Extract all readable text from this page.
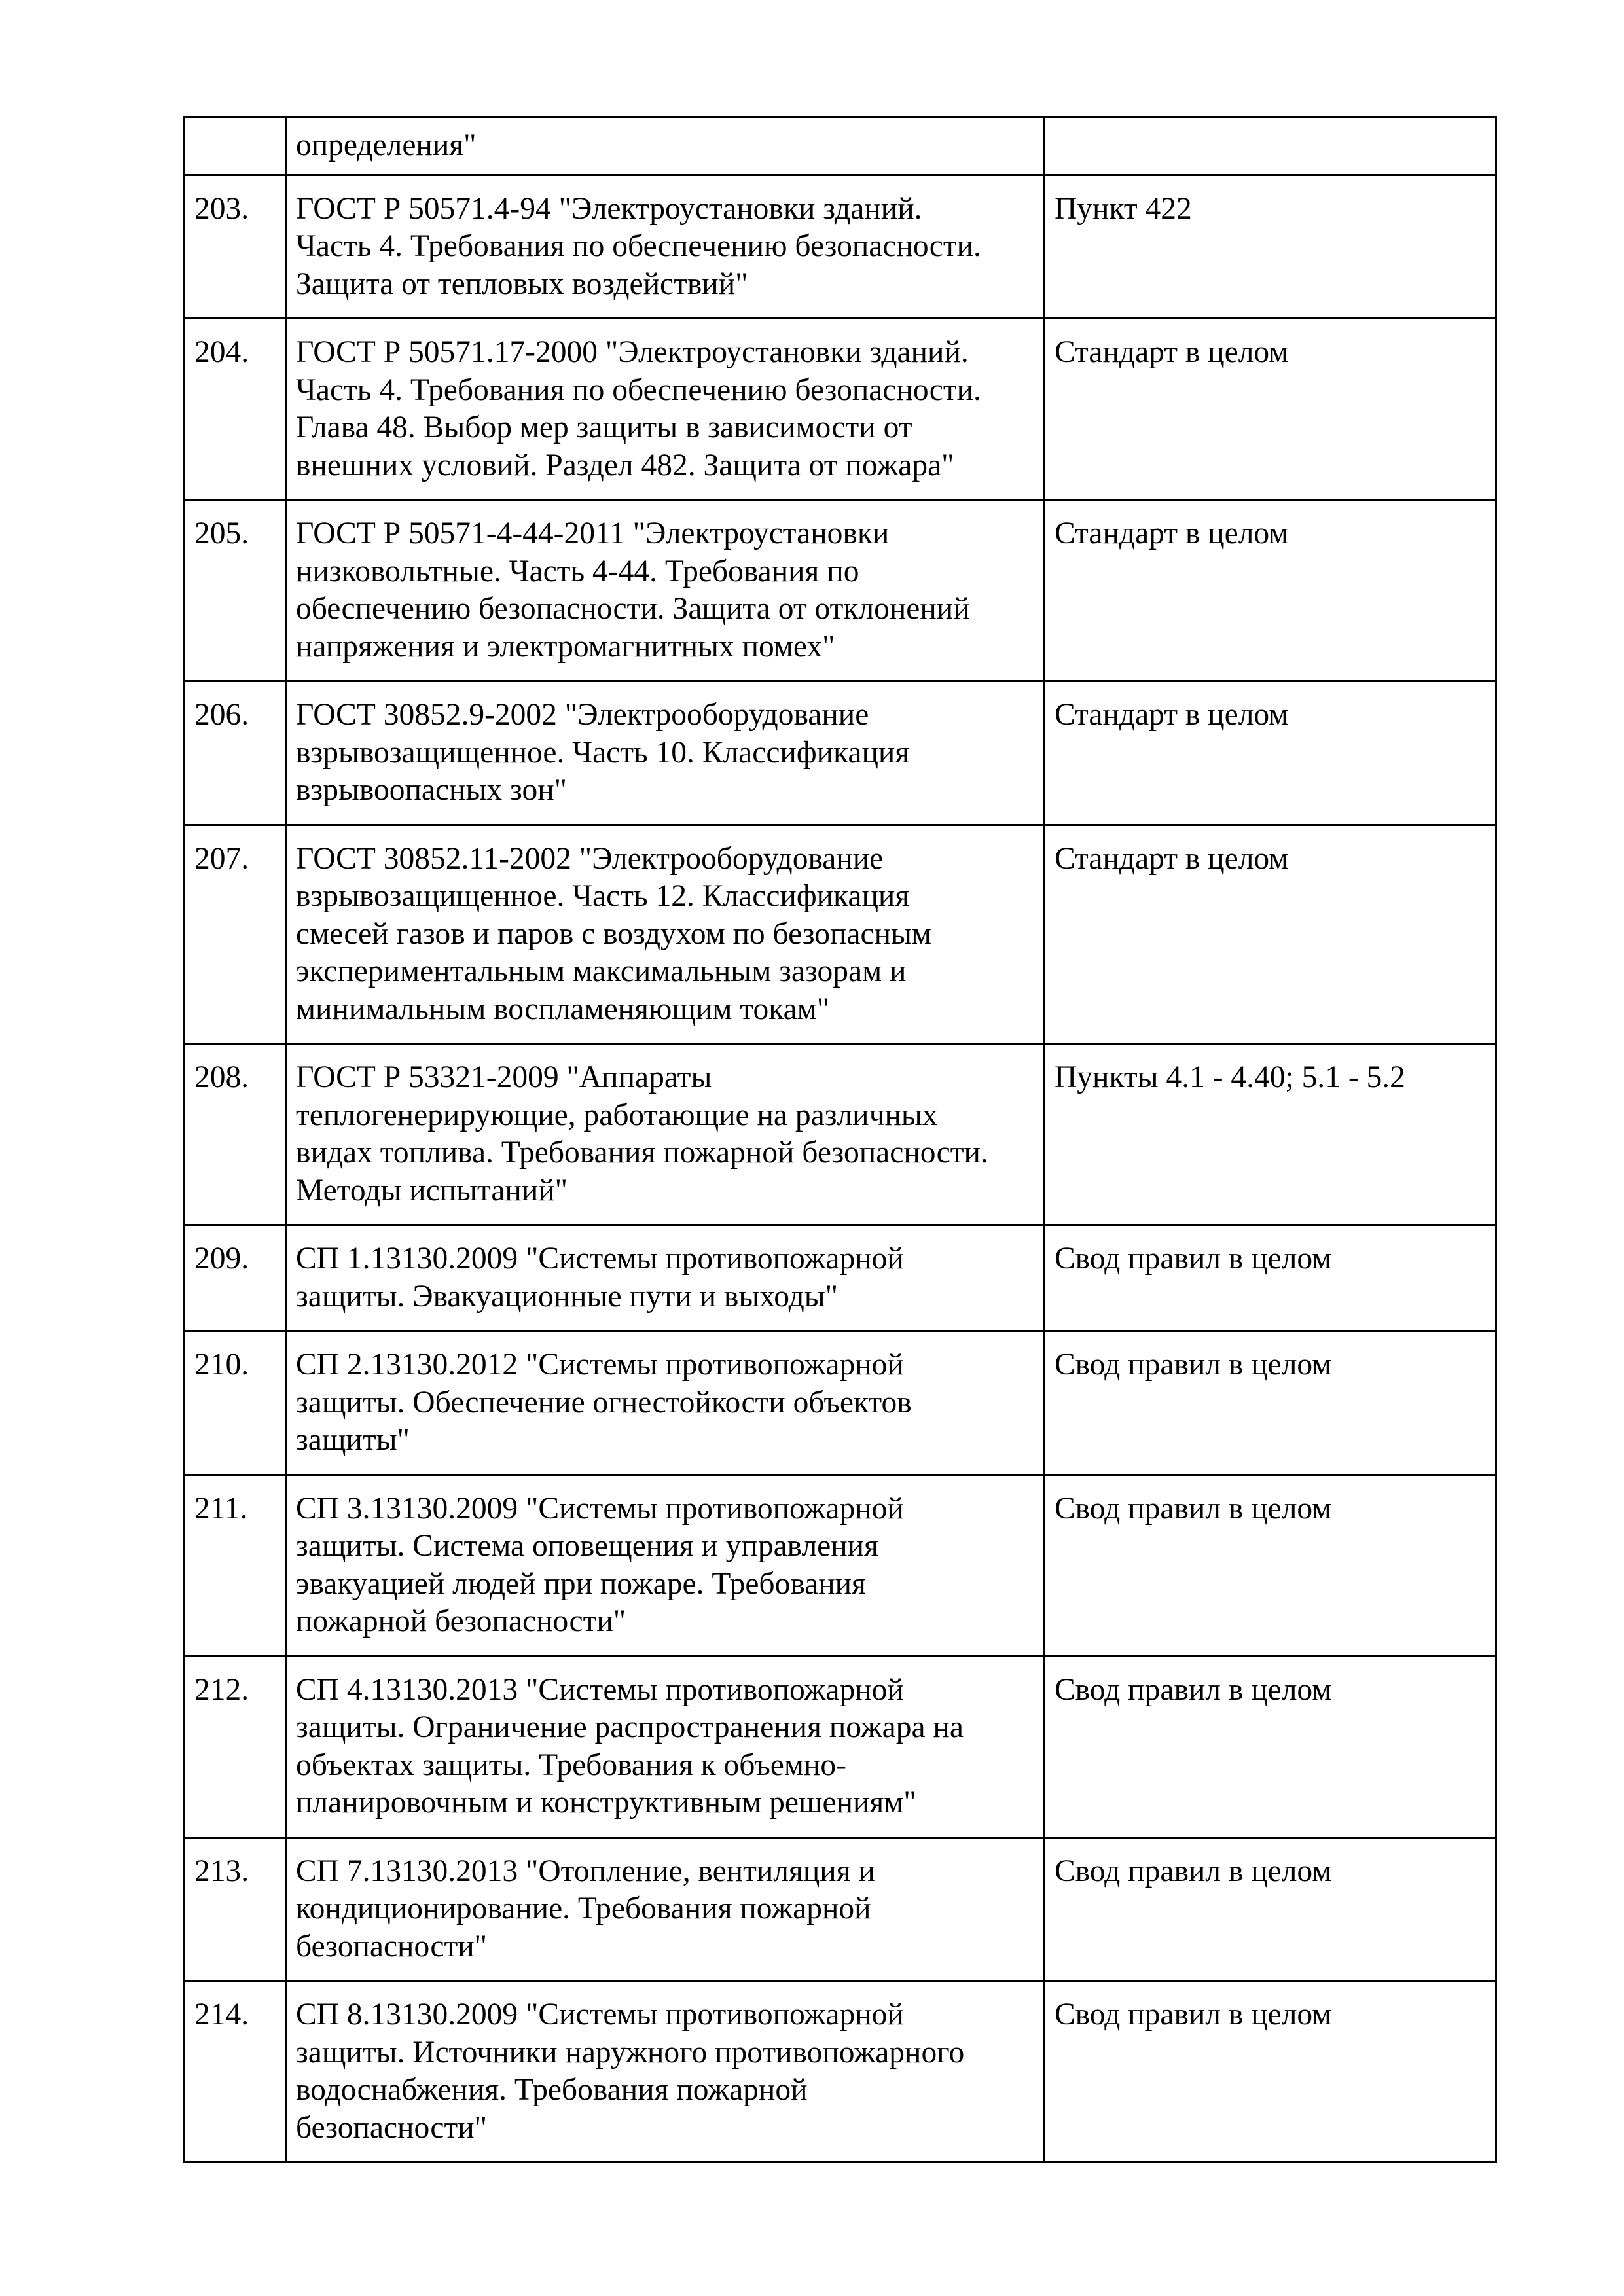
	определения"	
203.	ГОСТ Р 50571.4-94 "Электроустановки зданий.
Часть 4. Требования по обеспечению безопасности.
Защита от тепловых воздействий"	Пункт 422
204.	ГОСТ Р 50571.17-2000 "Электроустановки зданий.
Часть 4. Требования по обеспечению безопасности.
Глава 48. Выбор мер защиты в зависимости от
внешних условий. Раздел 482. Защита от пожара"	Стандарт в целом
205.	ГОСТ Р 50571-4-44-2011 "Электроустановки
низковольтные. Часть 4-44. Требования по
обеспечению безопасности. Защита от отклонений
напряжения и электромагнитных помех"	Стандарт в целом
206.	ГОСТ 30852.9-2002 "Электрооборудование
взрывозащищенное. Часть 10. Классификация
взрывоопасных зон"	Стандарт в целом
207.	ГОСТ 30852.11-2002 "Электрооборудование
взрывозащищенное. Часть 12. Классификация
смесей газов и паров с воздухом по безопасным
экспериментальным максимальным зазорам и
минимальным воспламеняющим токам"	Стандарт в целом
208.	ГОСТ Р 53321-2009 "Аппараты
теплогенерирующие, работающие на различных
видах топлива. Требования пожарной безопасности.
Методы испытаний"	Пункты 4.1 - 4.40; 5.1 - 5.2
209.	СП 1.13130.2009 "Системы противопожарной
защиты. Эвакуационные пути и выходы"	Свод правил в целом
210.	СП 2.13130.2012 "Системы противопожарной
защиты. Обеспечение огнестойкости объектов
защиты"	Свод правил в целом
211.	СП 3.13130.2009 "Системы противопожарной
защиты. Система оповещения и управления
эвакуацией людей при пожаре. Требования
пожарной безопасности"	Свод правил в целом
212.	СП 4.13130.2013 "Системы противопожарной
защиты. Ограничение распространения пожара на
объектах защиты. Требования к объемно-
планировочным и конструктивным решениям"	Свод правил в целом
213.	СП 7.13130.2013 "Отопление, вентиляция и
кондиционирование. Требования пожарной
безопасности"	Свод правил в целом
214.	СП 8.13130.2009 "Системы противопожарной
защиты. Источники наружного противопожарного
водоснабжения. Требования пожарной
безопасности"	Свод правил в целом
